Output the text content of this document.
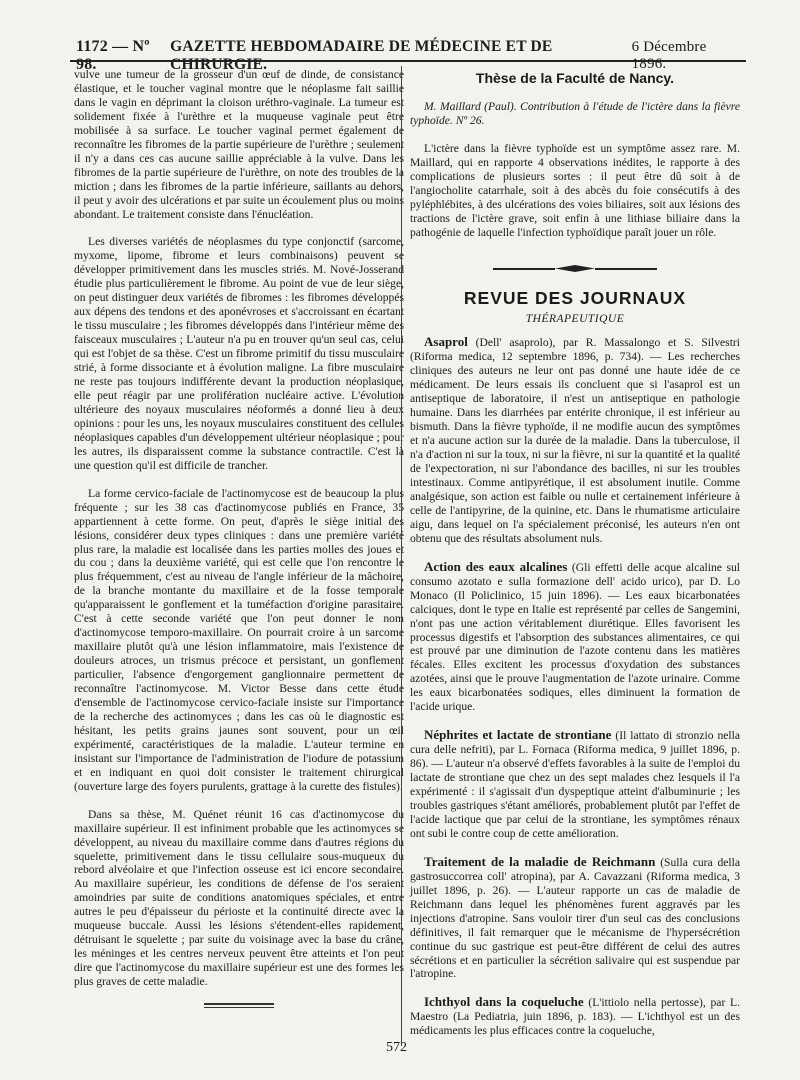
1172 — Nº 98.
GAZETTE HEBDOMADAIRE DE MÉDECINE ET DE CHIRURGIE.
6 Décembre 1896.

vulve une tumeur de la grosseur d'un œuf de dinde, de consistance élastique, et le toucher vaginal montre que le néoplasme fait saillie dans le vagin en déprimant la cloison uréthro-vaginale. La tumeur est solidement fixée à l'urèthre et la muqueuse vaginale peut être mobilisée à sa surface. Le toucher vaginal permet également de reconnaître les fibromes de la partie supérieure de l'urèthre ; seulement il n'y a dans ces cas aucune saillie appréciable à la vulve. Dans les fibromes de la partie supérieure de l'urèthre, on note des troubles de la miction ; dans les fibromes de la partie inférieure, saillants au dehors, il peut y avoir des ulcérations et par suite un écoulement plus ou moins abondant. Le traitement consiste dans l'énucléation.

Les diverses variétés de néoplasmes du type conjonctif (sarcome, myxome, lipome, fibrome et leurs combinaisons) peuvent se développer primitivement dans les muscles striés. M. Nové-Josserand étudie plus particulièrement le fibrome. Au point de vue de leur siège, on peut distinguer deux variétés de fibromes : les fibromes développés aux dépens des tendons et des aponévroses et s'accroissant en écartant le tissu musculaire ; les fibromes développés dans l'intérieur même des faisceaux musculaires ; L'auteur n'a pu en trouver qu'un seul cas, celui qui est l'objet de sa thèse. C'est un fibrome primitif du tissu musculaire strié, à forme dissociante et à évolution maligne. La fibre musculaire ne reste pas toujours indifférente devant la production néoplasique, elle peut réagir par une prolifération nucléaire active. L'évolution ultérieure des noyaux musculaires néoformés a donné lieu à deux opinions : pour les uns, les noyaux musculaires constituent des cellules néoplasiques capables d'un développement ultérieur néoplasique ; pour les autres, ils disparaissent comme la substance contractile. C'est là une question qu'il est difficile de trancher.

La forme cervico-faciale de l'actinomycose est de beaucoup la plus fréquente ; sur les 38 cas d'actinomycose publiés en France, 35 appartiennent à cette forme. On peut, d'après le siège initial des lésions, considérer deux types cliniques : dans une première variété plus rare, la maladie est localisée dans les parties molles des joues et du cou ; dans la deuxième variété, qui est celle que l'on rencontre le plus fréquemment, c'est au niveau de l'angle inférieur de la mâchoire, de la branche montante du maxillaire et de la fosse temporale qu'apparaissent le gonflement et la tuméfaction d'origine parasitaire. C'est à cette seconde variété que l'on peut donner le nom d'actinomycose temporo-maxillaire. On pourrait croire à un sarcome maxillaire plutôt qu'à une lésion inflammatoire, mais l'existence de douleurs atroces, un trismus précoce et persistant, un gonflement particulier, l'absence d'engorgement ganglionnaire permettent de reconnaître l'actinomycose. M. Victor Besse dans cette étude d'ensemble de l'actinomycose cervico-faciale insiste sur l'importance de la recherche des actinomyces ; dans les cas où le diagnostic est hésitant, les petits grains jaunes sont souvent, pour un œil expérimenté, caractéristiques de la maladie. L'auteur termine en insistant sur l'importance de l'administration de l'iodure de potassium et en indiquant en quoi doit consister le traitement chirurgical (ouverture large des foyers purulents, grattage à la curette des fistules).

Dans sa thèse, M. Quénet réunit 16 cas d'actinomycose du maxillaire supérieur. Il est infiniment probable que les actinomyces se développent, au niveau du maxillaire comme dans d'autres régions du squelette, primitivement dans le tissu cellulaire sous-muqueux du rebord alvéolaire et que l'infection osseuse est ici encore secondaire. Au maxillaire supérieur, les conditions de défense de l'os seraient amoindries par suite de conditions anatomiques spéciales, et entre autres le peu d'épaisseur du périoste et la continuité directe avec la muqueuse buccale. Aussi les lésions s'étendent-elles rapidement, détruisant le squelette ; par suite du voisinage avec la base du crâne, les méninges et les centres nerveux peuvent être atteints et l'on peut dire que l'actinomycose du maxillaire supérieur est une des formes les plus graves de cette maladie.

Thèse de la Faculté de Nancy.

M. Maillard (Paul). Contribution à l'étude de l'ictère dans la fièvre typhoïde. Nº 26.

L'ictère dans la fièvre typhoïde est un symptôme assez rare. M. Maillard, qui en rapporte 4 observations inédites, le rapporte à des complications de plusieurs sortes : il peut être dû soit à de l'angiocholite catarrhale, soit à des abcès du foie consécutifs à des pyléphlébites, à des ulcérations des voies biliaires, soit aux lésions des tractions de l'ictère grave, soit enfin à une lithiase biliaire dans la pathogénie de laquelle l'infection typhoïdique paraît jouer un rôle.

REVUE DES JOURNAUX
THÉRAPEUTIQUE

Asaprol (Dell' asaprolo), par R. Massalongo et S. Silvestri (Riforma medica, 12 septembre 1896, p. 734). — Les recherches cliniques des auteurs ne leur ont pas donné une haute idée de ce médicament. De leurs essais ils concluent que si l'asaprol est un antiseptique de laboratoire, il n'est un antiseptique en pathologie humaine. Dans les diarrhées par entérite chronique, il est inférieur au bismuth. Dans la fièvre typhoïde, il ne modifie aucun des symptômes et n'a aucune action sur la durée de la maladie. Dans la tuberculose, il n'a d'action ni sur la toux, ni sur la fièvre, ni sur la quantité et la qualité de l'expectoration, ni sur l'abondance des bacilles, ni sur les troubles intestinaux. Comme antipyrétique, il est absolument inutile. Comme analgésique, son action est faible ou nulle et certainement inférieure à celle de l'antipyrine, de la quinine, etc. Dans le rhumatisme articulaire aigu, dans lequel on l'a spécialement préconisé, les auteurs n'en ont obtenu que des résultats absolument nuls.

Action des eaux alcalines (Gli effetti delle acque alcaline sul consumo azotato e sulla formazione dell' acido urico), par D. Lo Monaco (Il Policlinico, 15 juin 1896). — Les eaux bicarbonatées calciques, dont le type en Italie est représenté par celles de Sangemini, n'ont pas une action véritablement diurétique. Elles favorisent les processus digestifs et l'absorption des substances alimentaires, ce qui est prouvé par une diminution de l'azote contenu dans les matières fécales. Elles excitent les processus d'oxydation des substances azotées, ainsi que le prouve l'augmentation de l'azote urinaire. Comme les eaux bicarbonatées sodiques, elles diminuent la formation de l'acide urique.

Néphrites et lactate de strontiane (Il lattato di stronzio nella cura delle nefriti), par L. Fornaca (Riforma medica, 9 juillet 1896, p. 86). — L'auteur n'a observé d'effets favorables à la suite de l'emploi du lactate de strontiane que chez un des sept malades chez lesquels il l'a expérimenté : il s'agissait d'un dyspeptique atteint d'albuminurie ; les troubles gastriques s'étant améliorés, probablement plutôt par l'effet de l'acide lactique que par celui de la strontiane, les symptômes rénaux ont subi le contre coup de cette amélioration.

Traitement de la maladie de Reichmann (Sulla cura della gastrosuccorrea coll' atropina), par A. Cavazzani (Riforma medica, 3 juillet 1896, p. 26). — L'auteur rapporte un cas de maladie de Reichmann dans lequel les phénomènes furent aggravés par les injections d'atropine. Sans vouloir tirer d'un seul cas des conclusions définitives, il fait remarquer que le mécanisme de l'hypersécrétion continue du suc gastrique est peut-être différent de celui des autres sécrétions et en particulier la sécrétion salivaire qui est suspendue par l'atropine.

Ichthyol dans la coqueluche (L'ittiolo nella pertosse), par L. Maestro (La Pediatria, juin 1896, p. 183). — L'ichthyol est un des médicaments les plus efficaces contre la coqueluche,

572
